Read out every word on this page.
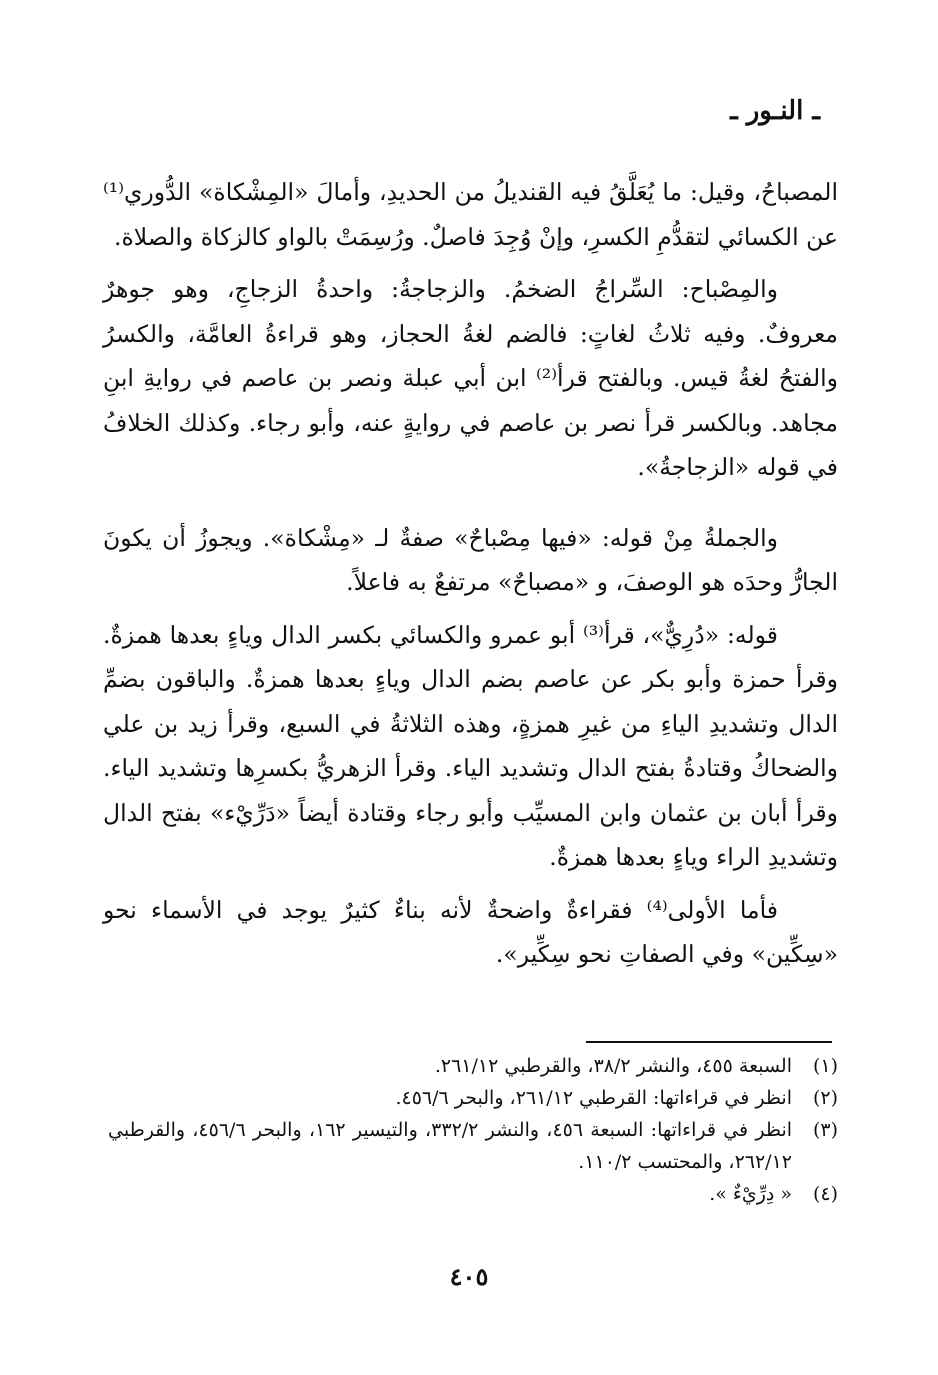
ـ النـور ـ

المصباحُ، وقيل: ما يُعَلَّقُ فيه القنديلُ من الحديدِ، وأمالَ «المِشْكاة» الدُّوري⁽¹⁾ عن الكسائي لتقدُّمِ الكسرِ، وإنْ وُجِدَ فاصلٌ. ورُسِمَتْ بالواو كالزكاة والصلاة.

والمِصْباح: السِّراجُ الضخمُ. والزجاجةُ: واحدةُ الزجاجِ، وهو جوهرٌ معروفٌ. وفيه ثلاثُ لغاتٍ: فالضم لغةُ الحجاز، وهو قراءةُ العامَّة، والكسرُ والفتحُ لغةُ قيس. وبالفتح قرأ⁽²⁾ ابن أبي عبلة ونصر بن عاصم في روايةِ ابنِ مجاهد. وبالكسر قرأ نصر بن عاصم في روايةٍ عنه، وأبو رجاء. وكذلك الخلافُ في قوله «الزجاجةُ».

والجملةُ مِنْ قوله: «فيها مِصْباحٌ» صفةٌ لـ «مِشْكاة». ويجوزُ أن يكونَ الجارُّ وحدَه هو الوصفَ، و «مصباحٌ» مرتفعٌ به فاعلاً.

قوله: «دُرِيٌّ»، قرأ⁽³⁾ أبو عمرو والكسائي بكسر الدال وياءٍ بعدها همزةٌ. وقرأ حمزة وأبو بكر عن عاصم بضم الدال وياءٍ بعدها همزةٌ. والباقون بضمِّ الدال وتشديدِ الياءِ من غيرِ همزةٍ، وهذه الثلاثةُ في السبع، وقرأ زيد بن علي والضحاكُ وقتادةُ بفتح الدال وتشديد الياء. وقرأ الزهريُّ بكسرِها وتشديد الياء. وقرأ أبان بن عثمان وابن المسيِّب وأبو رجاء وقتادة أيضاً «دَرِّيْء» بفتح الدال وتشديدِ الراء وياءٍ بعدها همزةٌ.

فأما الأولى⁽⁴⁾ فقراءةٌ واضحةٌ لأنه بناءٌ كثيرٌ يوجد في الأسماء نحو «سِكِّين» وفي الصفاتِ نحو سِكِّير».

(١)
السبعة ٤٥٥، والنشر ٣٨/٢، والقرطبي ٢٦١/١٢.
(٢)
انظر في قراءاتها: القرطبي ٢٦١/١٢، والبحر ٤٥٦/٦.
(٣)
انظر في قراءاتها: السبعة ٤٥٦، والنشر ٣٣٢/٢، والتيسير ١٦٢، والبحر ٤٥٦/٦، والقرطبي ٢٦٢/١٢، والمحتسب ١١٠/٢.
(٤)
« دِرِّيْءٌ ».
٤٠٥
